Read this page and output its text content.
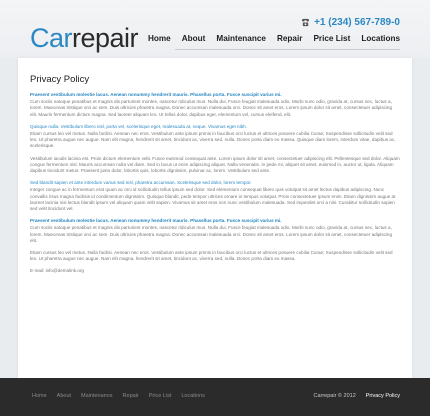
Carrepair
+1 (234) 567-789-0
Home	About	Maintenance	Repair	Price List	Locations
Privacy Policy

Praesent vestibulum molestie lacus. Aenean nonummy hendrerit mauris. Phasellus porta. Fusce suscipit varius mi.

Cum sociis natoque penatibus et magnis dis parturient montes, nascetur ridiculus mus. Nulla dui. Fusce feugiat malesuada odio. Morbi nunc odio, gravida at, cursus nec, luctus a, lorem. Maecenas tristique orci ac sem. Duis ultricies pharetra magna. Donec accumsan malesuada orci. Donec sit amet eros. Lorem ipsum dolor sit amet, consectetuer adipiscing elit. Mauris fermentum dictum magna. Sed laoreet aliquam leo. Ut tellus dolor, dapibus eget, elementum vel, cursus eleifend, elit.

Quisque nulla. Vestibulum libero nisl, porta vel, scelerisque eget, malesuada at, neque. Vivamus eget nibh.

Etiam cursus leo vel metus. Nulla facilisi. Aenean nec eros. Vestibulum ante ipsum primis in faucibus orci luctus et ultrices posuere cubilia Curae; Suspendisse sollicitudin velit sed leo. Ut pharetra augue nec augue. Nam elit magna, hendrerit sit amet, tincidunt ac, viverra sed, nulla. Donec porta diam eu massa. Quisque diam lorem, interdum vitae, dapibus ac, scelerisque.

Vestibulum iaculis lacinia est. Proin dictum elementum velit. Fusce euismod consequat ante. Lorem ipsum dolor sit amet, consectetuer adipiscing elit. Pellentesque sed dolor. Aliquam congue fermentum nisl. Mauris accumsan nulla vel diam. Sed in lacus ut enim adipiscing aliquet. Nulla venenatis. In pede mi, aliquet sit amet, euismod in, auctor ut, ligula. Aliquam dapibus tincidunt metus. Praesent justo dolor, lobortis quis, lobortis dignissim, pulvinar ac, lorem. Vestibulum sed ante.

Sed blandit sapien et ante interdum varius sed nisl, pharetra accumsan. Scelerisque sed dolor, lorem tempor.

Integer congue ac in fermentum erat quam ac orci id sollicitudin tellus ipsum sed dolor. Sed elementum consequat libero quis volutpat sit amet lectus dapibus adipiscing. Nunc convallis risus magna facilisis id condimentum dignissim. Quisque blandit, pede tempor ultrices ornare in tempus volutpat. Proin consectetuer ipsum enim. Etiam dignissim augue at laoreet lacinia nisi lectus blandit ipsum vel aliquam quam velit sapien. Vivamus sit amet eros non nunc vestibulum malesuada. Sed imperdiet orci a nisi. Curabitur sollicitudin sapien sed velit tincidunt vel.

Praesent vestibulum molestie lacus. Aenean nonummy hendrerit mauris. Phasellus porta. Fusce suscipit varius mi.

Cum sociis natoque penatibus et magnis dis parturient montes, nascetur ridiculus mus. Nulla dui. Fusce feugiat malesuada odio. Morbi nunc odio, gravida at, cursus nec, luctus a, lorem. Maecenas tristique orci ac sem. Duis ultricies pharetra magna. Donec accumsan malesuada orci. Donec sit amet eros. Lorem ipsum dolor sit amet, consectetuer adipiscing elit.

Etiam cursus leo vel metus. Nulla facilisi. Aenean nec eros. Vestibulum ante ipsum primis in faucibus orci luctus et ultrices posuere cubilia Curae; Suspendisse sollicitudin velit sed leo. Ut pharetra augue nec augue. Nam elit magna, hendrerit sit amet, tincidunt ac, viverra sed, nulla. Donec porta diam eu massa.

E-mail: info@demolink.org

Home About Maintenance Repair Price List Locations	Carrepair © 2012 Privacy Policy
